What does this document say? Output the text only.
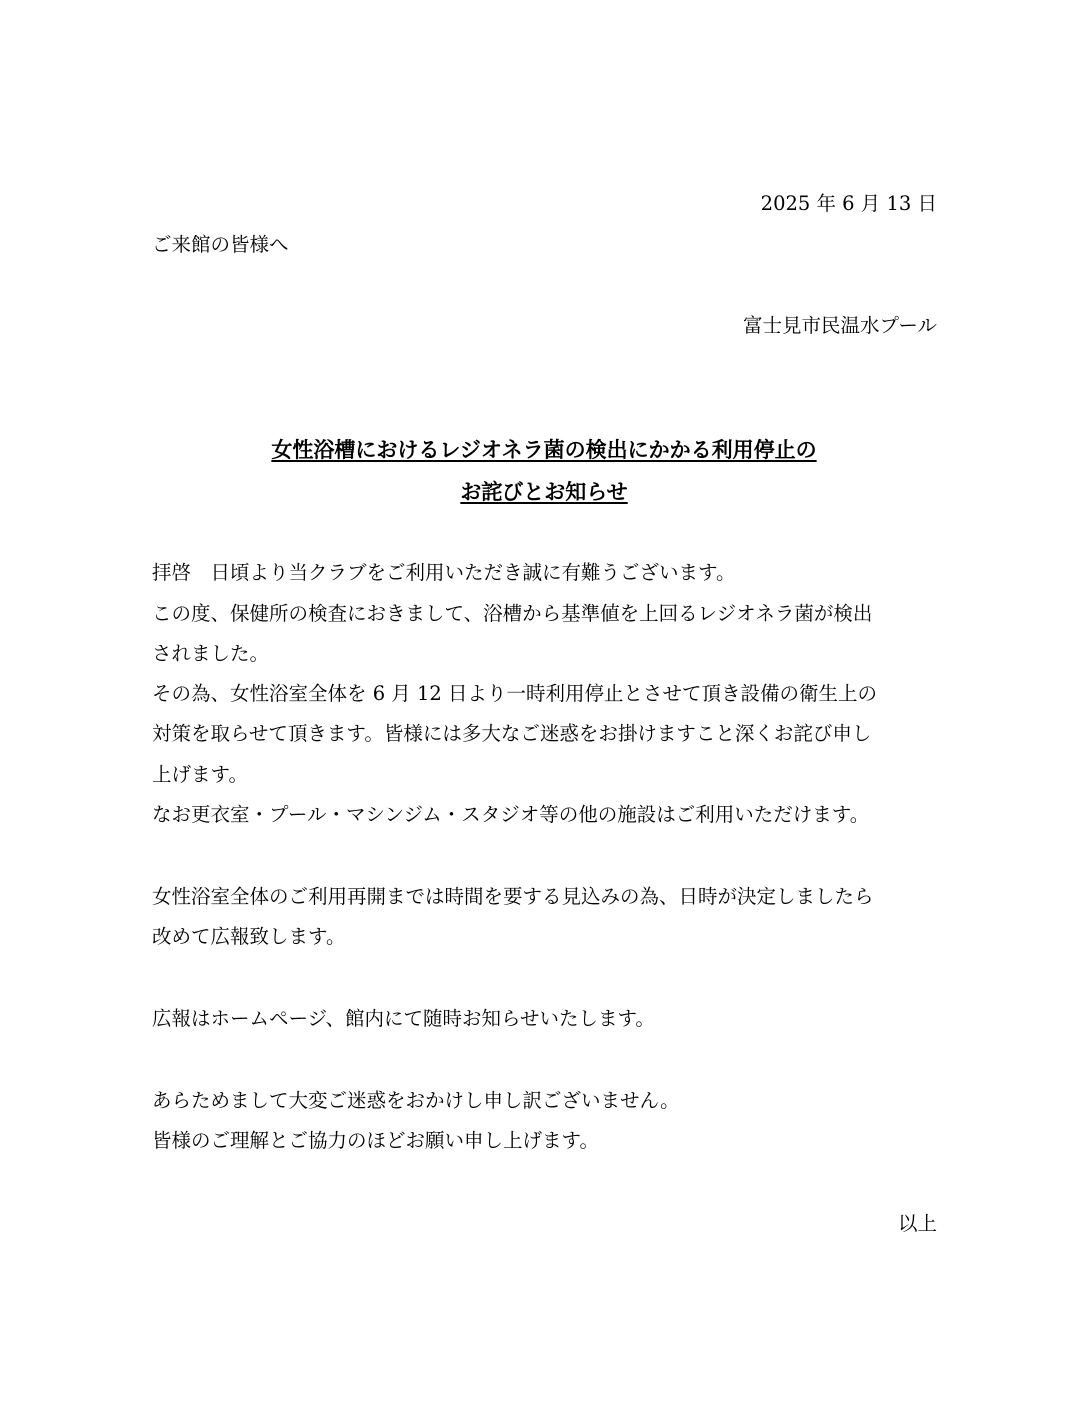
2025 年 6 月 13 日
ご来館の皆様へ
富士見市民温水プール
女性浴槽におけるレジオネラ菌の検出にかかる利用停止の
お詫びとお知らせ
拝啓　日頃より当クラブをご利用いただき誠に有難うございます。
この度、保健所の検査におきまして、浴槽から基準値を上回るレジオネラ菌が検出
されました。
その為、女性浴室全体を 6 月 12 日より一時利用停止とさせて頂き設備の衛生上の
対策を取らせて頂きます。皆様には多大なご迷惑をお掛けますこと深くお詫び申し
上げます。
なお更衣室・プール・マシンジム・スタジオ等の他の施設はご利用いただけます。
女性浴室全体のご利用再開までは時間を要する見込みの為、日時が決定しましたら
改めて広報致します。
広報はホームページ、館内にて随時お知らせいたします。
あらためまして大変ご迷惑をおかけし申し訳ございません。
皆様のご理解とご協力のほどお願い申し上げます。
以上
